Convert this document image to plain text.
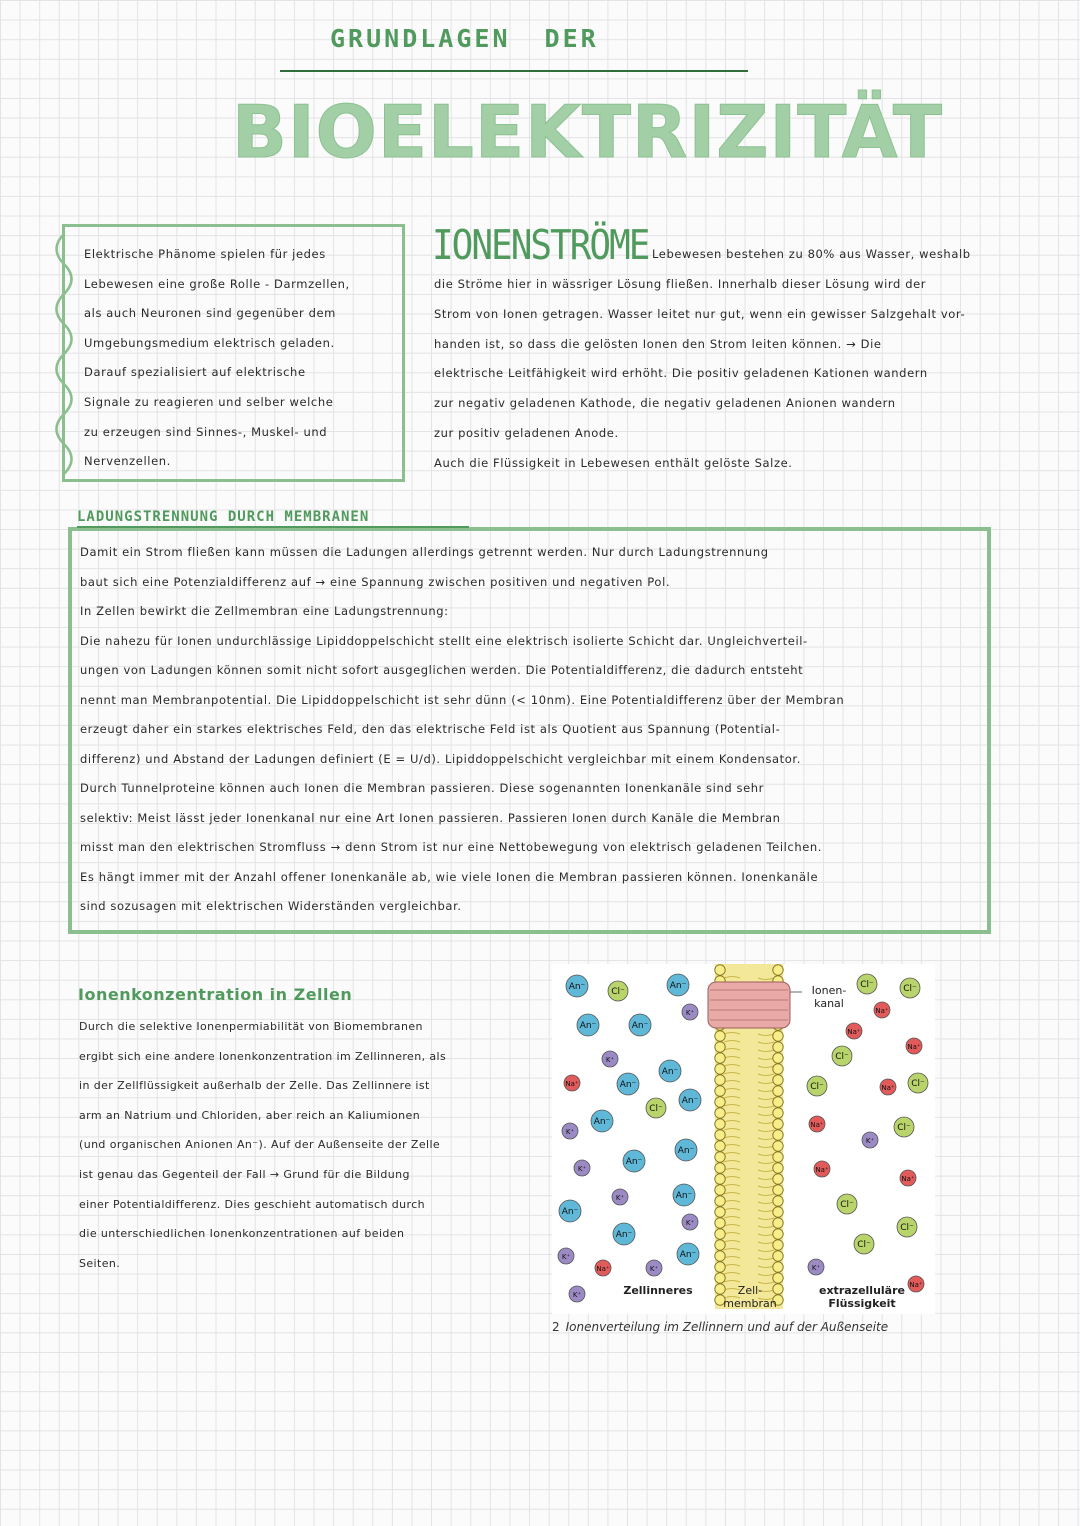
GRUNDLAGEN DER
BIOELEKTRIZITÄT
Elektrische Phänome spielen für jedes
Lebewesen eine große Rolle - Darmzellen,
als auch Neuronen sind gegenüber dem
Umgebungsmedium elektrisch geladen.
Darauf spezialisiert auf elektrische
Signale zu reagieren und selber welche
zu erzeugen sind Sinnes-, Muskel- und
Nervenzellen.
IONENSTRÖME Lebewesen bestehen zu 80% aus Wasser, weshalb
die Ströme hier in wässriger Lösung fließen. Innerhalb dieser Lösung wird der
Strom von Ionen getragen. Wasser leitet nur gut, wenn ein gewisser Salzgehalt vor-
handen ist, so dass die gelösten Ionen den Strom leiten können. → Die
elektrische Leitfähigkeit wird erhöht. Die positiv geladenen Kationen wandern
zur negativ geladenen Kathode, die negativ geladenen Anionen wandern
zur positiv geladenen Anode.
Auch die Flüssigkeit in Lebewesen enthält gelöste Salze.
LADUNGSTRENNUNG DURCH MEMBRANEN
Damit ein Strom fließen kann müssen die Ladungen allerdings getrennt werden. Nur durch Ladungstrennung
baut sich eine Potenzialdifferenz auf → eine Spannung zwischen positiven und negativen Pol.
In Zellen bewirkt die Zellmembran eine Ladungstrennung:
Die nahezu für Ionen undurchlässige Lipiddoppelschicht stellt eine elektrisch isolierte Schicht dar. Ungleichverteil-
ungen von Ladungen können somit nicht sofort ausgeglichen werden. Die Potentialdifferenz, die dadurch entsteht
nennt man Membranpotential. Die Lipiddoppelschicht ist sehr dünn (< 10nm). Eine Potentialdifferenz über der Membran
erzeugt daher ein starkes elektrisches Feld, den das elektrische Feld ist als Quotient aus Spannung (Potential-
differenz) und Abstand der Ladungen definiert (E = U/d). Lipiddoppelschicht vergleichbar mit einem Kondensator.
Durch Tunnelproteine können auch Ionen die Membran passieren. Diese sogenannten Ionenkanäle sind sehr
selektiv: Meist lässt jeder Ionenkanal nur eine Art Ionen passieren. Passieren Ionen durch Kanäle die Membran
misst man den elektrischen Stromfluss → denn Strom ist nur eine Nettobewegung von elektrisch geladenen Teilchen.
Es hängt immer mit der Anzahl offener Ionenkanäle ab, wie viele Ionen die Membran passieren können. Ionenkanäle
sind sozusagen mit elektrischen Widerständen vergleichbar.
Ionenkonzentration in Zellen
Durch die selektive Ionenpermiabilität von Biomembranen
ergibt sich eine andere Ionenkonzentration im Zellinneren, als
in der Zellflüssigkeit außerhalb der Zelle. Das Zellinnere ist
arm an Natrium und Chloriden, aber reich an Kaliumionen
(und organischen Anionen An⁻). Auf der Außenseite der Zelle
ist genau das Gegenteil der Fall → Grund für die Bildung
einer Potentialdifferenz. Dies geschieht automatisch durch
die unterschiedlichen Ionenkonzentrationen auf beiden
Seiten.
An⁻	Cl⁻
An⁻
An⁻	An⁻
K⁺
K⁺
An⁻
An⁻
Na⁺
Cl⁻
An⁻
An⁻
K⁺
An⁻
An⁻
K⁺
K⁺	An⁻
K⁺
An⁻
An⁻
An⁻
K⁺
Na⁺	K⁺
K⁺
Cl⁻	Cl⁻
Na⁺
Na⁺
Na⁺
Cl⁻
Cl⁻	Cl⁻
Na⁺
Na⁺	Cl⁻
K⁺
Na⁺
Na⁺
Cl⁻
Cl⁻
Cl⁻
K⁺
Na⁺
Ionen-
kanal
Zellinneres	Zell-
membran
extrazelluläre
Flüssigkeit
2 Ionenverteilung im Zellinnern und auf der Außenseite
